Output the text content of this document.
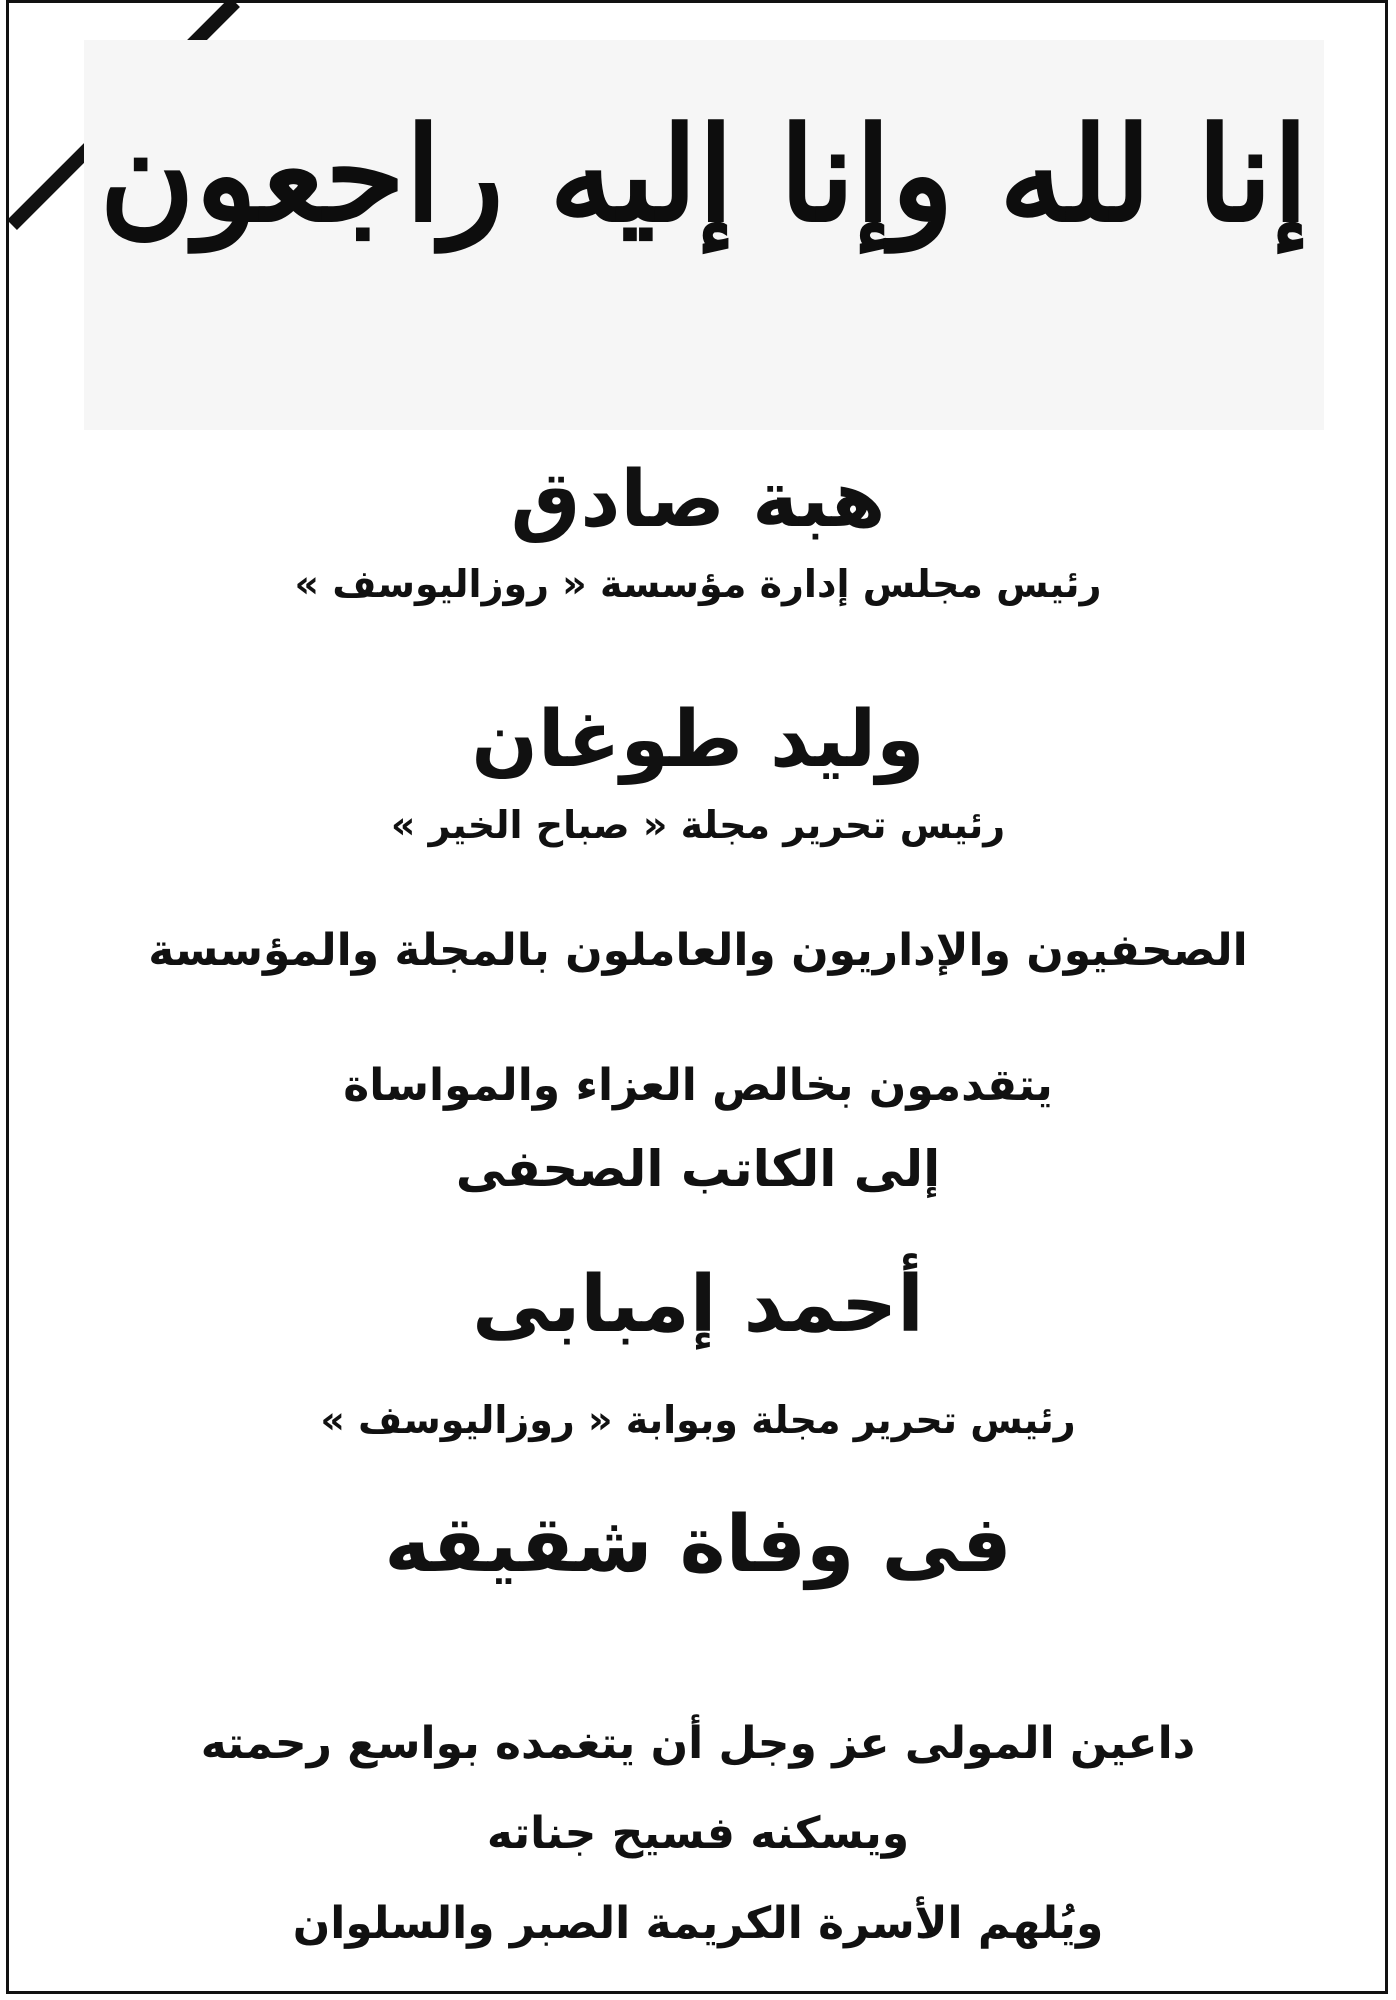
إنا لله وإنا إليه راجعون
هبة صادق
رئيس مجلس إدارة مؤسسة « روزاليوسف »
وليد طوغان
رئيس تحرير مجلة « صباح الخير »
الصحفيون والإداريون والعاملون بالمجلة والمؤسسة
يتقدمون بخالص العزاء والمواساة
إلى الكاتب الصحفى
أحمد إمبابى
رئيس تحرير مجلة وبوابة « روزاليوسف »
فى وفاة شقيقه
داعين المولى عز وجل أن يتغمده بواسع رحمته
ويسكنه فسيح جناته
ويُلهم الأسرة الكريمة الصبر والسلوان
